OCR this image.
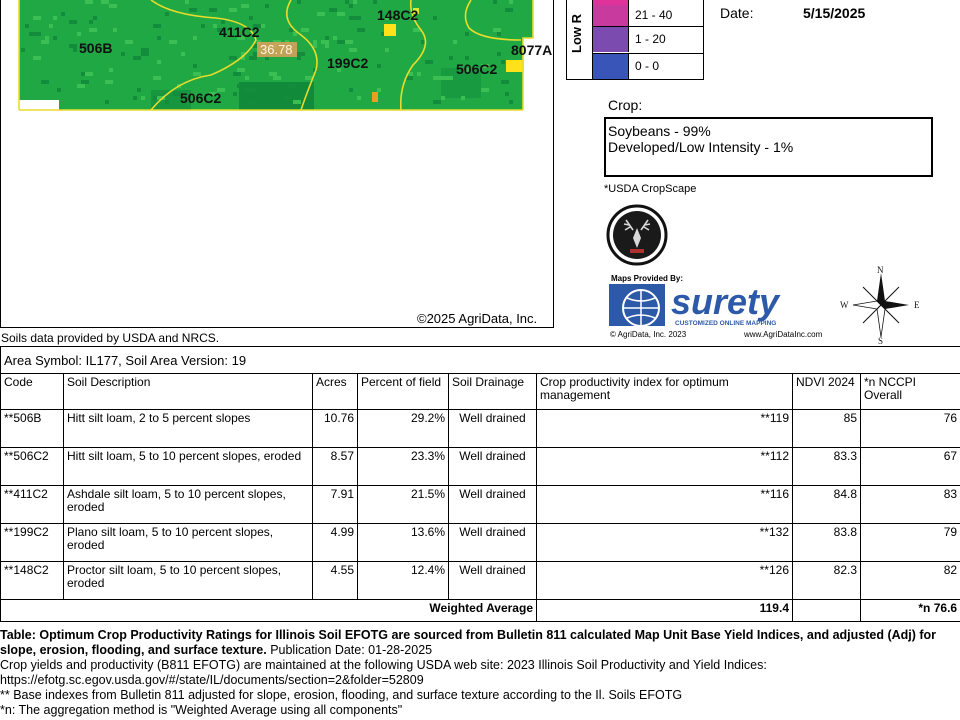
506B
411C2
148C2
8077A
199C2	506C2
506C2
36.78
©2025 AgriData, Inc.
Soils data provided by USDA and NRCS.
Low R	21 - 40
1 - 20
0 - 0
Date:	5/15/2025
Crop:
Soybeans - 99%
Developed/Low Intensity - 1%
*USDA CropScape
Maps Provided By:
surety
CUSTOMIZED ONLINE MAPPING
© AgriData, Inc. 2023	www.AgriDataInc.com
N
S
W	E
Area Symbol: IL177, Soil Area Version: 19							
Code	Soil Description	Acres	Percent of field	Soil Drainage	Crop productivity index for optimum management	NDVI 2024	*n NCCPI Overall
**506B	Hitt silt loam, 2 to 5 percent slopes	10.76	29.2%	Well drained	**119	85	76
**506C2	Hitt silt loam, 5 to 10 percent slopes, eroded	8.57	23.3%	Well drained	**112	83.3	67
**411C2	Ashdale silt loam, 5 to 10 percent slopes, eroded	7.91	21.5%	Well drained	**116	84.8	83
**199C2	Plano silt loam, 5 to 10 percent slopes, eroded	4.99	13.6%	Well drained	**132	83.8	79
**148C2	Proctor silt loam, 5 to 10 percent slopes, eroded	4.55	12.4%	Well drained	**126	82.3	82
Weighted Average					119.4		*n 76.6
Table: Optimum Crop Productivity Ratings for Illinois Soil EFOTG are sourced from Bulletin 811 calculated Map Unit Base Yield Indices, and adjusted (Adj) for slope, erosion, flooding, and surface texture. Publication Date: 01-28-2025
Crop yields and productivity (B811 EFOTG) are maintained at the following USDA web site: 2023 Illinois Soil Productivity and Yield Indices:
https://efotg.sc.egov.usda.gov/#/state/IL/documents/section=2&folder=52809
** Base indexes from Bulletin 811 adjusted for slope, erosion, flooding, and surface texture according to the Il. Soils EFOTG
*n: The aggregation method is "Weighted Average using all components"
